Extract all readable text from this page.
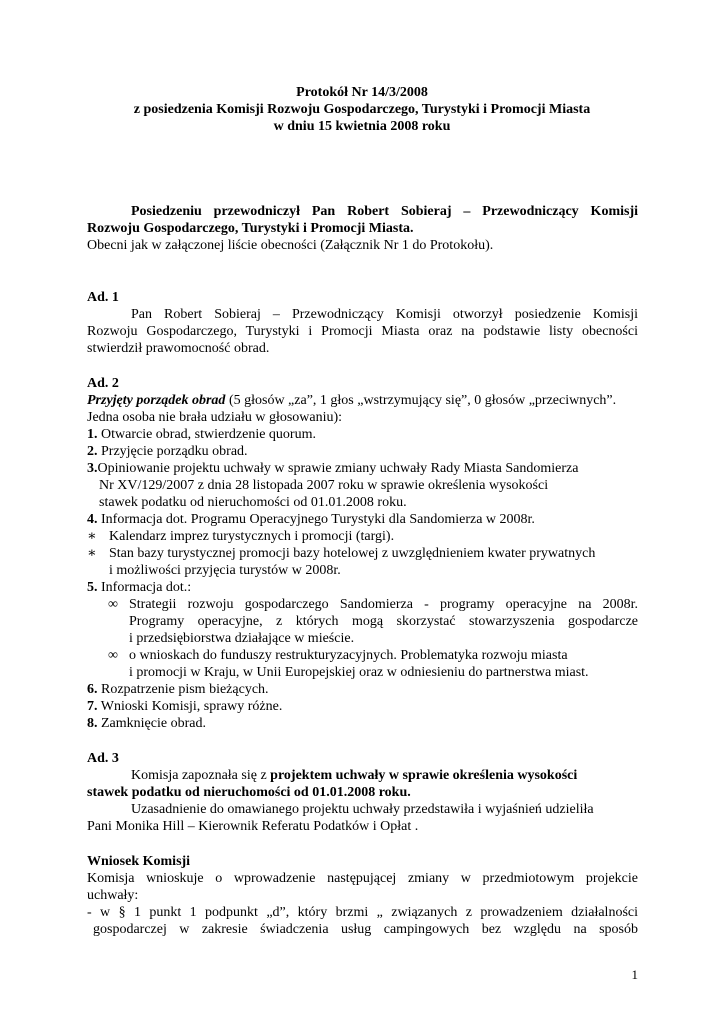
Protokół Nr 14/3/2008
z posiedzenia Komisji Rozwoju Gospodarczego, Turystyki i Promocji Miasta
w dniu 15 kwietnia 2008 roku
Posiedzeniu przewodniczył Pan Robert Sobieraj – Przewodniczący Komisji
Rozwoju Gospodarczego, Turystyki i Promocji Miasta.
Obecni jak w załączonej liście obecności (Załącznik Nr 1 do Protokołu).
Ad. 1
Pan Robert Sobieraj – Przewodniczący Komisji otworzył posiedzenie Komisji
Rozwoju Gospodarczego, Turystyki i Promocji Miasta oraz na podstawie listy obecności
stwierdził prawomocność obrad.
Ad. 2
Przyjęty porządek obrad (5 głosów „za”, 1 głos „wstrzymujący się”, 0 głosów „przeciwnych”.
Jedna osoba nie brała udziału w głosowaniu):
1. Otwarcie obrad, stwierdzenie quorum.
2. Przyjęcie porządku obrad.
3.Opiniowanie projektu uchwały w sprawie zmiany uchwały Rady Miasta Sandomierza
Nr XV/129/2007 z dnia 28 listopada 2007 roku w sprawie określenia wysokości
stawek podatku od nieruchomości od 01.01.2008 roku.
4. Informacja dot. Programu Operacyjnego Turystyki dla Sandomierza w 2008r.
∗ Kalendarz imprez turystycznych i promocji (targi).
∗ Stan bazy turystycznej promocji bazy hotelowej z uwzględnieniem kwater prywatnych
i możliwości przyjęcia turystów w 2008r.
5. Informacja dot.:
∞ Strategii rozwoju gospodarczego Sandomierza - programy operacyjne na 2008r.
Programy operacyjne, z których mogą skorzystać stowarzyszenia gospodarcze
i przedsiębiorstwa działające w mieście.
∞ o wnioskach do funduszy restrukturyzacyjnych. Problematyka rozwoju miasta
i promocji w Kraju, w Unii Europejskiej oraz w odniesieniu do partnerstwa miast.
6. Rozpatrzenie pism bieżących.
7. Wnioski Komisji, sprawy różne.
8. Zamknięcie obrad.
Ad. 3
Komisja zapoznała się z projektem uchwały w sprawie określenia wysokości
stawek podatku od nieruchomości od 01.01.2008 roku.
Uzasadnienie do omawianego projektu uchwały przedstawiła i wyjaśnień udzieliła
Pani Monika Hill – Kierownik Referatu Podatków i Opłat .
Wniosek Komisji
Komisja wnioskuje o wprowadzenie następującej zmiany w przedmiotowym projekcie
uchwały:
- w § 1 punkt 1 podpunkt „d”, który brzmi „ związanych z prowadzeniem działalności
gospodarczej w zakresie świadczenia usług campingowych bez względu na sposób
1
